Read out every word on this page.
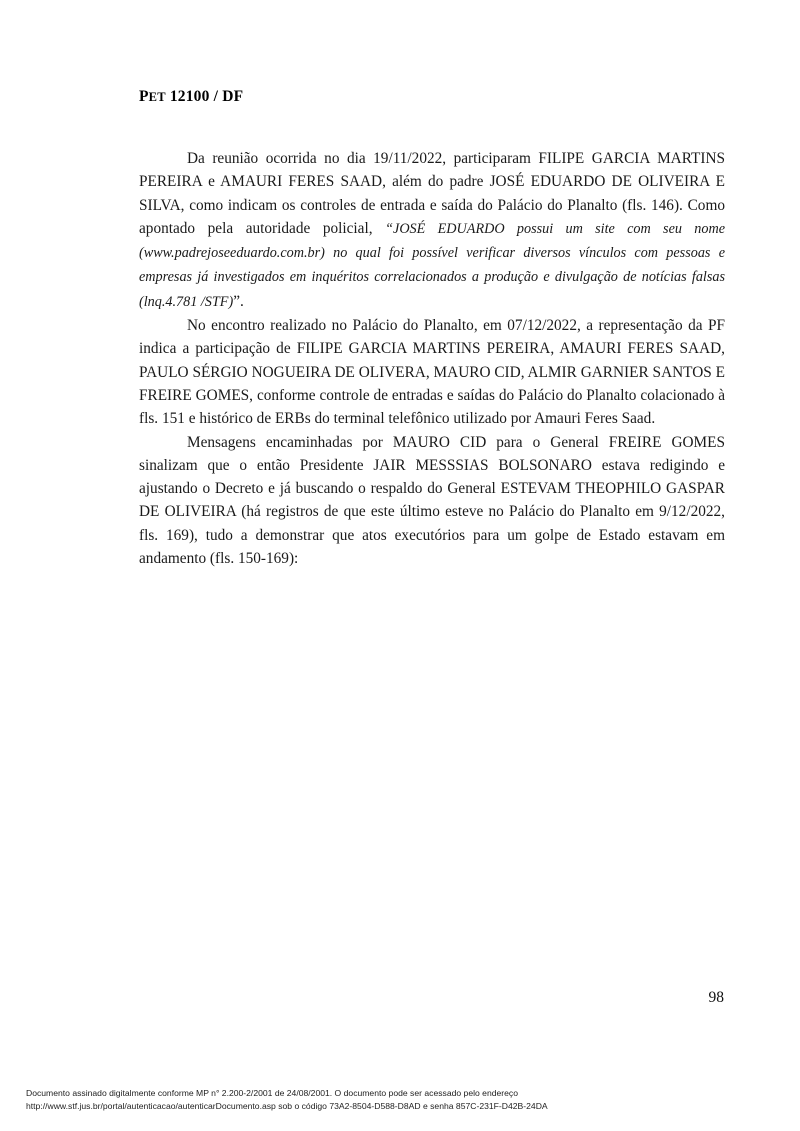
PET 12100 / DF

Da reunião ocorrida no dia 19/11/2022, participaram FILIPE GARCIA MARTINS PEREIRA e AMAURI FERES SAAD, além do padre JOSÉ EDUARDO DE OLIVEIRA E SILVA, como indicam os controles de entrada e saída do Palácio do Planalto (fls. 146). Como apontado pela autoridade policial, “JOSÉ EDUARDO possui um site com seu nome (www.padrejoseeduardo.com.br) no qual foi possível verificar diversos vínculos com pessoas e empresas já investigados em inquéritos correlacionados a produção e divulgação de notícias falsas (lnq.4.781 /STF)”.

No encontro realizado no Palácio do Planalto, em 07/12/2022, a representação da PF indica a participação de FILIPE GARCIA MARTINS PEREIRA, AMAURI FERES SAAD, PAULO SÉRGIO NOGUEIRA DE OLIVERA, MAURO CID, ALMIR GARNIER SANTOS E FREIRE GOMES, conforme controle de entradas e saídas do Palácio do Planalto colacionado à fls. 151 e histórico de ERBs do terminal telefônico utilizado por Amauri Feres Saad.

Mensagens encaminhadas por MAURO CID para o General FREIRE GOMES sinalizam que o então Presidente JAIR MESSSIAS BOLSONARO estava redigindo e ajustando o Decreto e já buscando o respaldo do General ESTEVAM THEOPHILO GASPAR DE OLIVEIRA (há registros de que este último esteve no Palácio do Planalto em 9/12/2022, fls. 169), tudo a demonstrar que atos executórios para um golpe de Estado estavam em andamento (fls. 150-169):

98
Documento assinado digitalmente conforme MP n° 2.200-2/2001 de 24/08/2001. O documento pode ser acessado pelo endereço
http://www.stf.jus.br/portal/autenticacao/autenticarDocumento.asp sob o código 73A2-8504-D588-D8AD e senha 857C-231F-D42B-24DA
